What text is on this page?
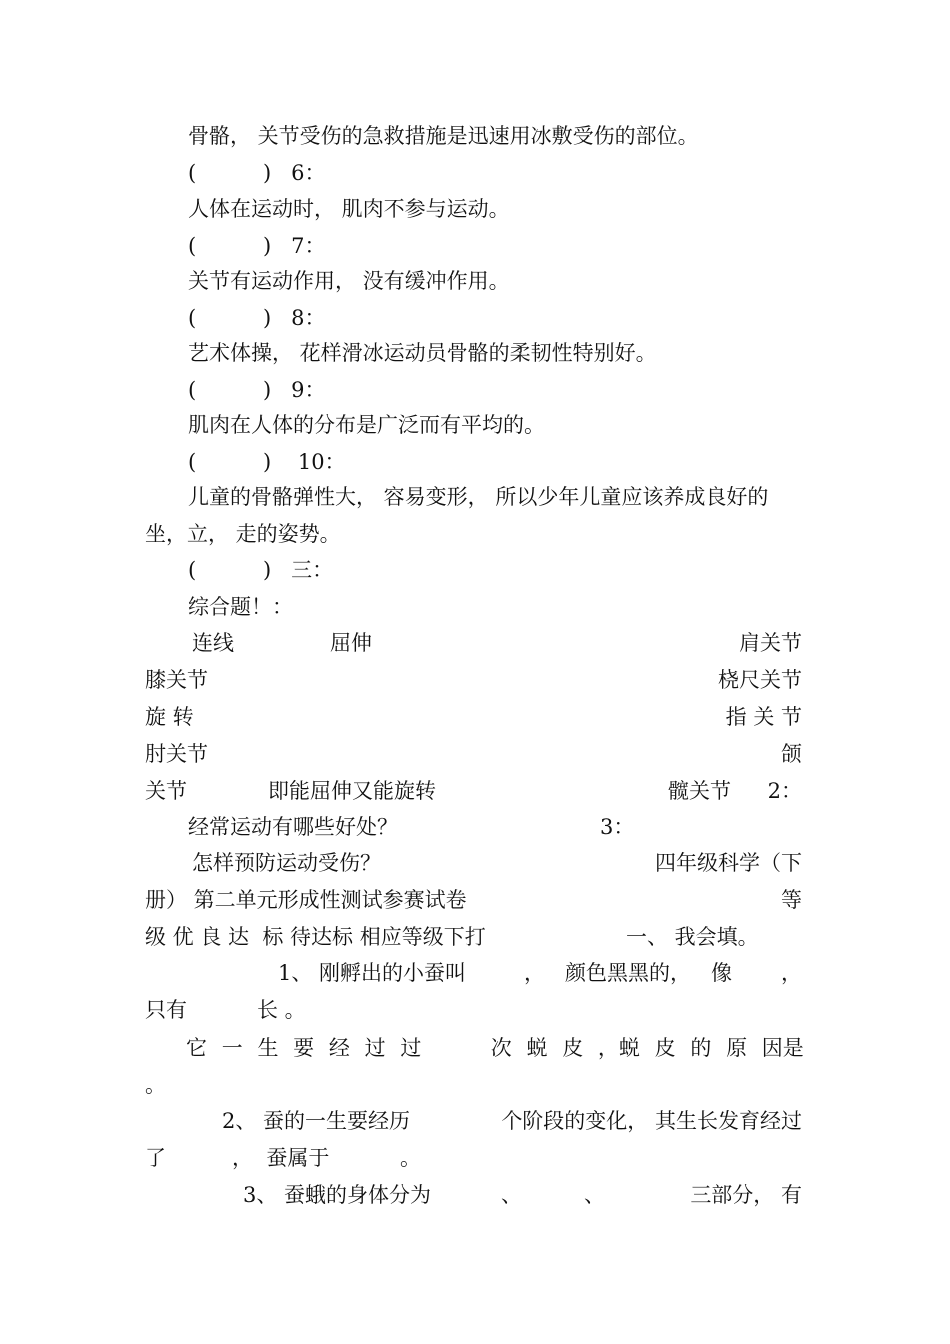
骨骼， 关节受伤的急救措施是迅速用冰敷受伤的部位。
(          )   6：
人体在运动时， 肌肉不参与运动。
(          )   7：
关节有运动作用， 没有缓冲作用。
(          )   8：
艺术体操， 花样滑冰运动员骨骼的柔韧性特别好。
(          )   9：
肌肉在人体的分布是广泛而有平均的。
(          )    10：
儿童的骨骼弹性大， 容易变形， 所以少年儿童应该养成良好的
坐，立， 走的姿势。
(          )   三：
综合题！：
连线	屈伸	肩关节
膝关节	桡尺关节
旋 转	指 关 节
肘关节	颌
关节	即能屈伸又能旋转	髋关节 2：
经常运动有哪些好处？	3：
怎样预防运动受伤？	四年级科学（下
册） 第二单元形成性测试参赛试卷	等
级 优 良 达  标 待达标 相应等级下打	一、 我会填。
1、 刚孵出的小蚕叫	，   颜色黑黑的，   像 ，
只有	长 。
它 一 生 要 经 过 过	次 蜕 皮 ，蜕 皮 的 原 因是
。
2、 蚕的一生要经历	个阶段的变化， 其生长发育经过
了	，  蚕属于	。
3、 蚕蛾的身体分为	、	、	三部分， 有
